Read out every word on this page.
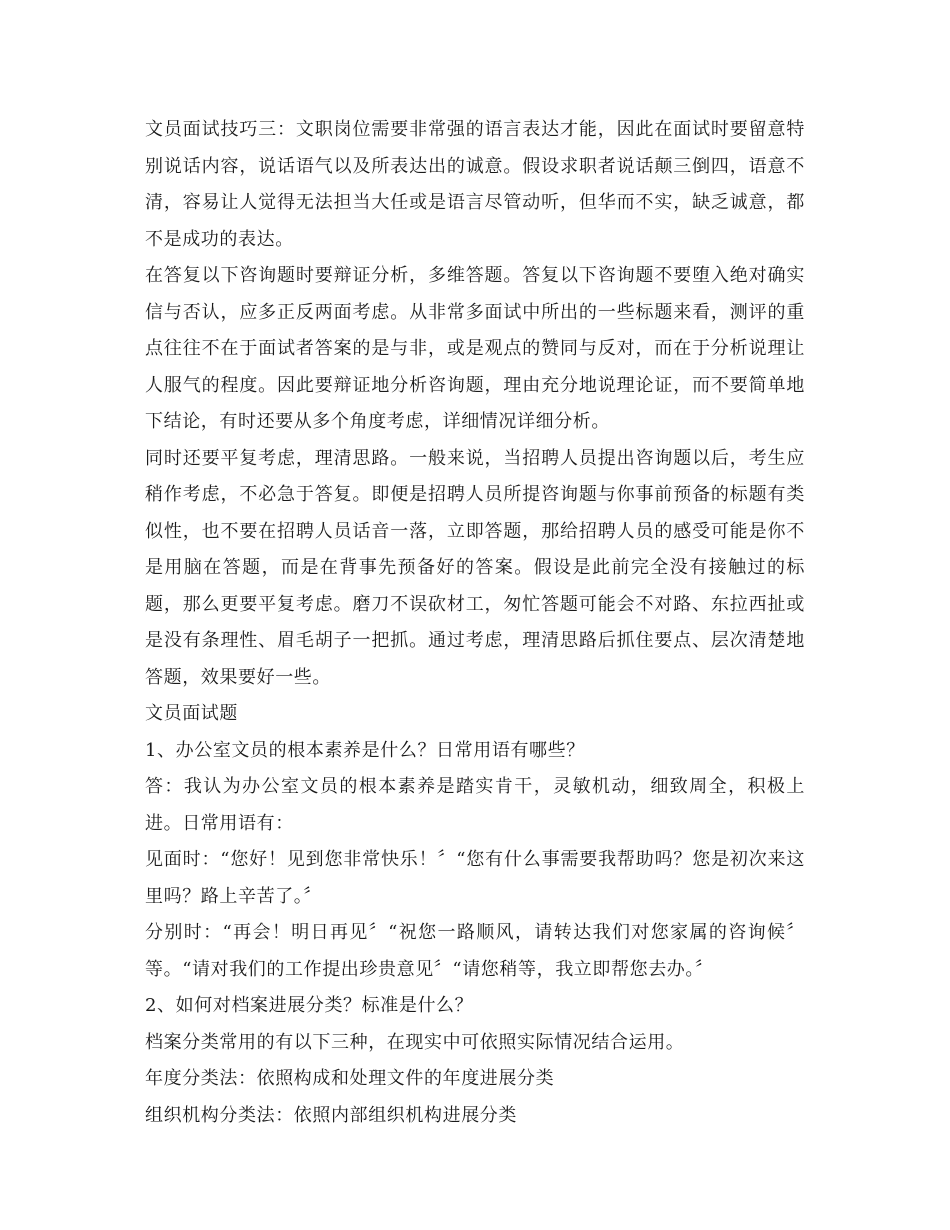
文员面试技巧三：文职岗位需要非常强的语言表达才能，因此在面试时要留意特别说话内容，说话语气以及所表达出的诚意。假设求职者说话颠三倒四，语意不清，容易让人觉得无法担当大任或是语言尽管动听，但华而不实，缺乏诚意，都不是成功的表达。

在答复以下咨询题时要辩证分析，多维答题。答复以下咨询题不要堕入绝对确实信与否认，应多正反两面考虑。从非常多面试中所出的一些标题来看，测评的重点往往不在于面试者答案的是与非，或是观点的赞同与反对，而在于分析说理让人服气的程度。因此要辩证地分析咨询题，理由充分地说理论证，而不要简单地下结论，有时还要从多个角度考虑，详细情况详细分析。

同时还要平复考虑，理清思路。一般来说，当招聘人员提出咨询题以后，考生应稍作考虑，不必急于答复。即便是招聘人员所提咨询题与你事前预备的标题有类似性，也不要在招聘人员话音一落，立即答题，那给招聘人员的感受可能是你不是用脑在答题，而是在背事先预备好的答案。假设是此前完全没有接触过的标题，那么更要平复考虑。磨刀不误砍材工，匆忙答题可能会不对路、东拉西扯或是没有条理性、眉毛胡子一把抓。通过考虑，理清思路后抓住要点、层次清楚地答题，效果要好一些。

文员面试题

1、办公室文员的根本素养是什么？日常用语有哪些？

答：我认为办公室文员的根本素养是踏实肯干，灵敏机动，细致周全，积极上进。日常用语有：

见面时：“您好！见到您非常快乐！〞“您有什么事需要我帮助吗？您是初次来这里吗？路上辛苦了。〞

分别时：“再会！明日再见〞“祝您一路顺风，请转达我们对您家属的咨询候〞等。“请对我们的工作提出珍贵意见〞“请您稍等，我立即帮您去办。〞

2、如何对档案进展分类？标准是什么？

档案分类常用的有以下三种，在现实中可依照实际情况结合运用。

年度分类法：依照构成和处理文件的年度进展分类

组织机构分类法：依照内部组织机构进展分类
